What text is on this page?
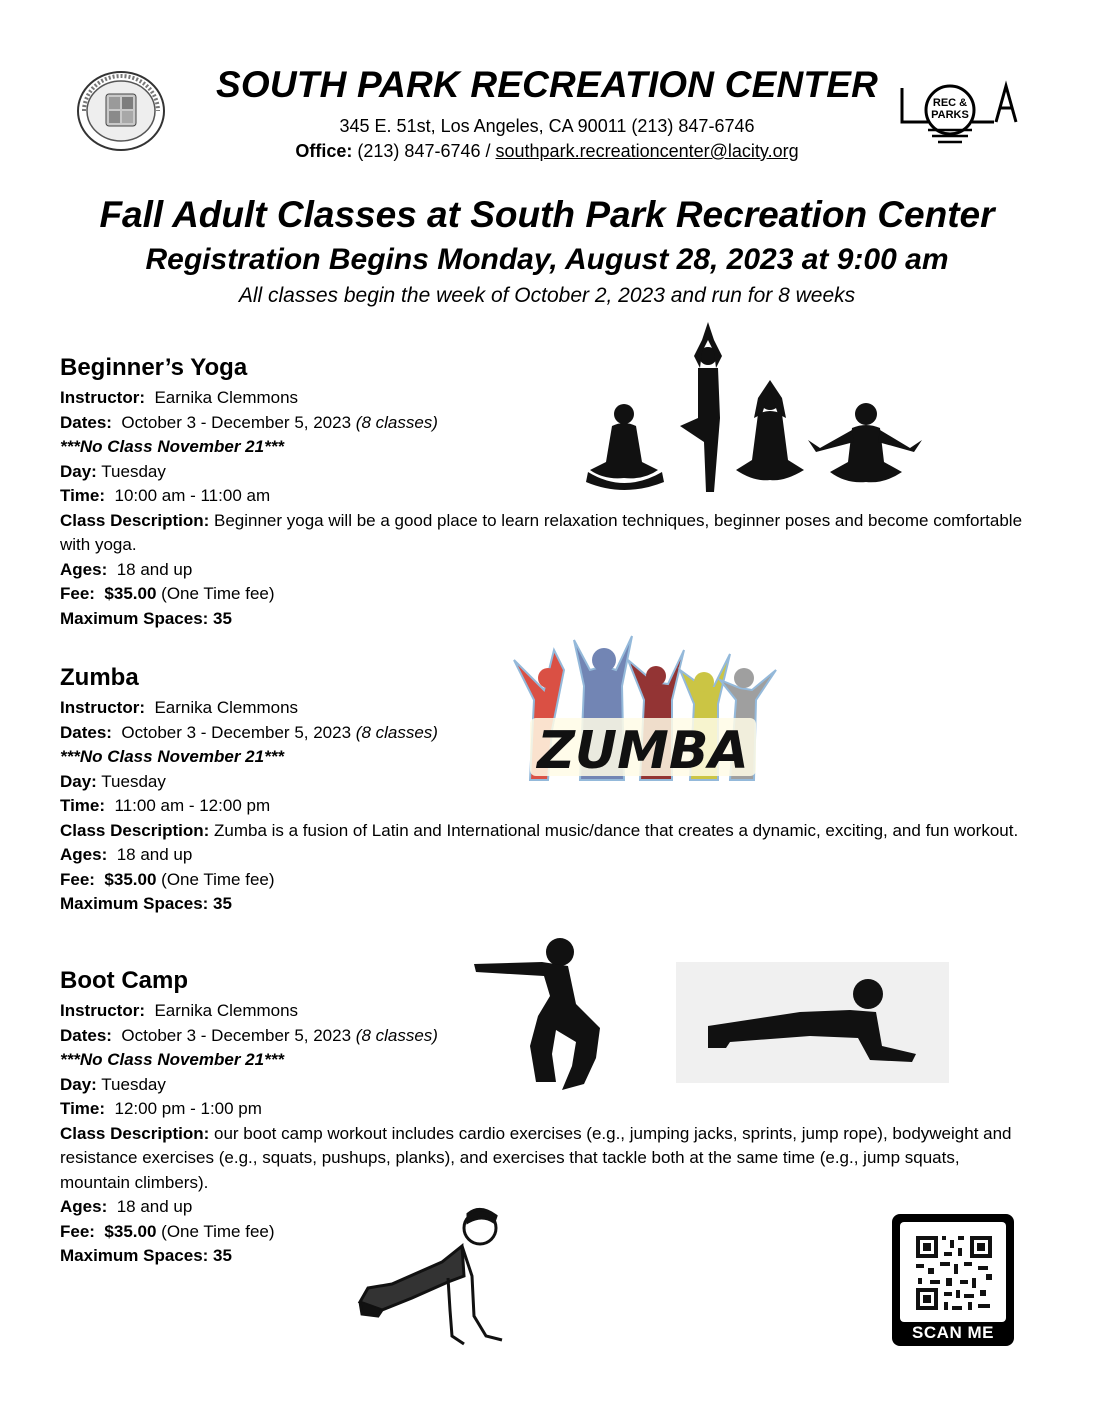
REC &
PARKS
SOUTH PARK RECREATION CENTER
345 E. 51st, Los Angeles, CA 90011 (213) 847-6746
Office: (213) 847-6746 / southpark.recreationcenter@lacity.org
Fall Adult Classes at South Park Recreation Center
Registration Begins Monday, August 28, 2023 at 9:00 am
All classes begin the week of October 2, 2023 and run for 8 weeks
Beginner’s Yoga
Instructor: Earnika Clemmons
Dates: October 3 - December 5, 2023 (8 classes)
***No Class November 21***
Day: Tuesday
Time: 10:00 am - 11:00 am
Class Description: Beginner yoga will be a good place to learn relaxation techniques, beginner poses and become comfortable with yoga.
Ages: 18 and up
Fee: $35.00 (One Time fee)
Maximum Spaces: 35
Zumba
Instructor: Earnika Clemmons
Dates: October 3 - December 5, 2023 (8 classes)
***No Class November 21***
Day: Tuesday
Time: 11:00 am - 12:00 pm
Class Description: Zumba is a fusion of Latin and International music/dance that creates a dynamic, exciting, and fun workout.
Ages: 18 and up
Fee: $35.00 (One Time fee)
Maximum Spaces: 35
Boot Camp
Instructor: Earnika Clemmons
Dates: October 3 - December 5, 2023 (8 classes)
***No Class November 21***
Day: Tuesday
Time: 12:00 pm - 1:00 pm
Class Description: our boot camp workout includes cardio exercises (e.g., jumping jacks, sprints, jump rope), bodyweight and resistance exercises (e.g., squats, pushups, planks), and exercises that tackle both at the same time (e.g., jump squats, mountain climbers).
Ages: 18 and up
Fee: $35.00 (One Time fee)
Maximum Spaces: 35
ZUMBA
SCAN ME
